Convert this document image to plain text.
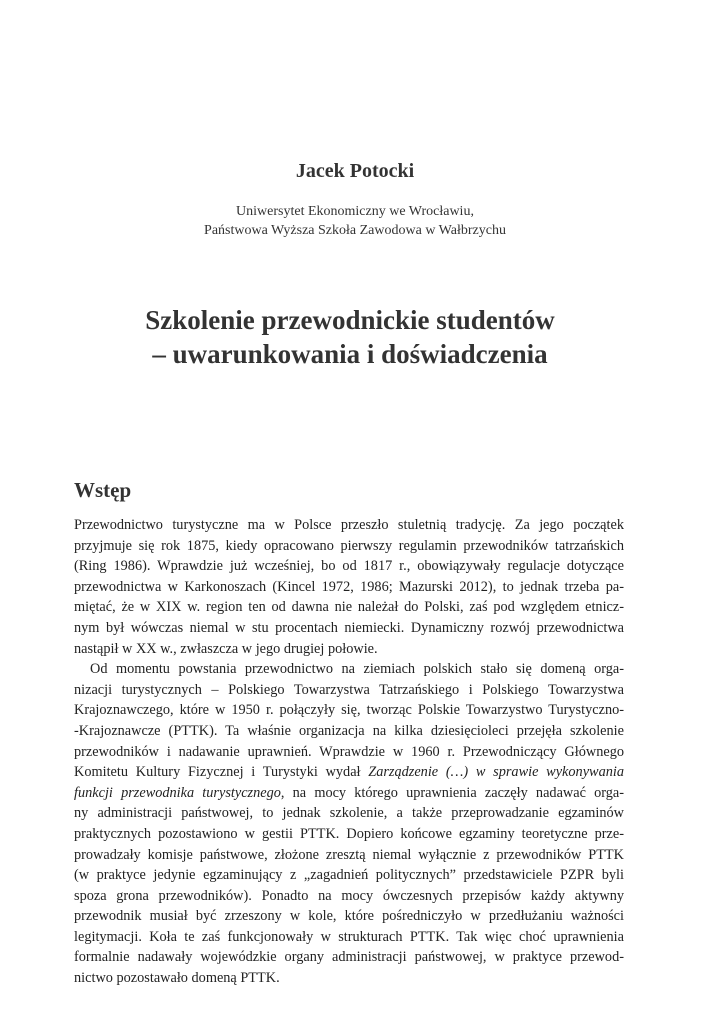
Jacek Potocki
Uniwersytet Ekonomiczny we Wrocławiu,
Państwowa Wyższa Szkoła Zawodowa w Wałbrzychu
Szkolenie przewodnickie studentów
– uwarunkowania i doświadczenia
Wstęp
Przewodnictwo turystyczne ma w Polsce przeszło stuletnią tradycję. Za jego początek
przyjmuje się rok 1875, kiedy opracowano pierwszy regulamin przewodników tatrzańskich
(Ring 1986). Wprawdzie już wcześniej, bo od 1817 r., obowiązywały regulacje dotyczące
przewodnictwa w Karkonoszach (Kincel 1972, 1986; Mazurski 2012), to jednak trzeba pa-
miętać, że w XIX w. region ten od dawna nie należał do Polski, zaś pod względem etnicz-
nym był wówczas niemal w stu procentach niemiecki. Dynamiczny rozwój przewodnictwa
nastąpił w XX w., zwłaszcza w jego drugiej połowie.
Od momentu powstania przewodnictwo na ziemiach polskich stało się domeną orga-
nizacji turystycznych – Polskiego Towarzystwa Tatrzańskiego i Polskiego Towarzystwa
Krajoznawczego, które w 1950 r. połączyły się, tworząc Polskie Towarzystwo Turystyczno-
-Krajoznawcze (PTTK). Ta właśnie organizacja na kilka dziesięcioleci przejęła szkolenie
przewodników i nadawanie uprawnień. Wprawdzie w 1960 r. Przewodniczący Głównego
Komitetu Kultury Fizycznej i Turystyki wydał Zarządzenie (…) w sprawie wykonywania
funkcji przewodnika turystycznego, na mocy którego uprawnienia zaczęły nadawać orga-
ny administracji państwowej, to jednak szkolenie, a także przeprowadzanie egzaminów
praktycznych pozostawiono w gestii PTTK. Dopiero końcowe egzaminy teoretyczne prze-
prowadzały komisje państwowe, złożone zresztą niemal wyłącznie z przewodników PTTK
(w praktyce jedynie egzaminujący z „zagadnień politycznych” przedstawiciele PZPR byli
spoza grona przewodników). Ponadto na mocy ówczesnych przepisów każdy aktywny
przewodnik musiał być zrzeszony w kole, które pośredniczyło w przedłużaniu ważności
legitymacji. Koła te zaś funkcjonowały w strukturach PTTK. Tak więc choć uprawnienia
formalnie nadawały wojewódzkie organy administracji państwowej, w praktyce przewod-
nictwo pozostawało domeną PTTK.
